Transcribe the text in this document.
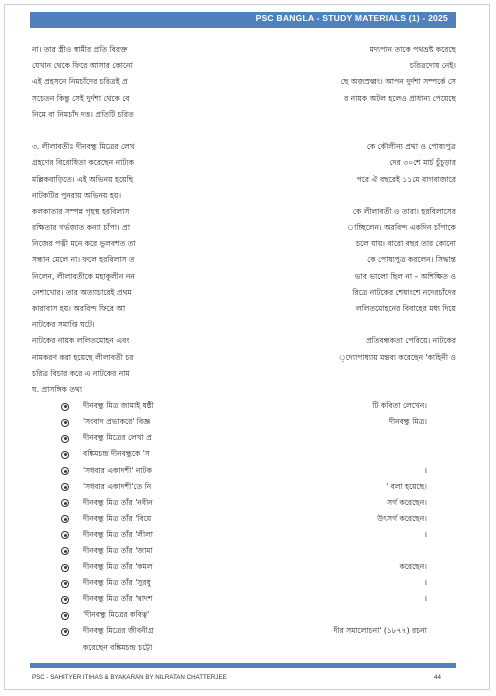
PSC BANGLA - STUDY MATERIALS (1) - 2025
না। তার স্ত্রীও স্বামীর প্রতি বিরক্ত	মদ্যপান তাকে পথভ্রষ্ট করেছে
যেখান থেকে ফিরে আসার কোনো	চরিত্রদোষ নেই।
এই প্রহসনে নিমচাঁদের চরিত্রই প্র	ছে অজস্রধ্বং। আপন দুর্দশা সম্পর্কে সে
সচেতন কিন্তু সেই দুর্দশা থেকে বে	র নায়ক অটল হলেও প্রাধান্য পেয়েছে
নিমে বা নিমচাঁদ দত্ত। প্রতিটি চরিত
৩. লীলাবতীঃ দীনবন্ধু মিত্রের লেখ	কে কৌলীন্য প্রথা ও পোষ্যপুত্র
গ্রহণের বিরোধিতা করেছেন নাট্যক	দের ৩০শে মার্চ চুঁচুড়ার
মল্লিকবাড়িতে। এই অভিনয় হয়েছি	পরে ঐ বছরেই ১১মে বাগবাজারে
নাটকটির পুনরায় অভিনয় হয়।
কলকাতার সম্পন্ন গৃহস্থ হরবিলাস	কে লীলাবতী ও তারা। হরবিলাসের
রক্ষিতার গর্ভজাত কন্যা চাঁপা। প্রা	াচ্ছিলেন। অরবিন্দ একদিন চাঁপাকে
নিজের পত্নী মনে করে ভুলবশত তা	চলে যায়। বারো বছর তার কোনো
সন্ধান মেলে না। ফলে হরবিলাস ত	কে পোষ্যপুত্র করলেন। সিদ্ধান্ত
নিলেন, লীলাবতীকে মহাকুলীন নন	ভাব ভালো ছিল না – অশিক্ষিত ও
নেশাখোর। তার অত্যাচারেই প্রথম	রিত্রে নাটকের শেষাংশে নদেরচাঁদের
কারাবাস হয়। অরবিন্দ ফিরে আ	ললিতমোহনের বিবাহের মধ্য দিয়ে
নাটকের সমাপ্তি ঘটে।
নাটকের নায়ক ললিতমোহন এবং	প্রতিবন্ধকতা পেরিয়ে। নাটকের
নামকরণ করা হয়েছে লীলাবতী চর	্দ্যোপাধ্যায় মন্তব্য করেছেন 'কাহিনী ও
চরিত্র বিচার করে এ নাটকের নাম
ঘ. প্রাসঙ্গিক তথ্য
দীনবন্ধু মিত্র জামাই ষষ্ঠী	টি কবিতা লেখেন।
'সংবাদ প্রভাকরে' বিজ্ঞ	দীনবন্ধু মিত্র।
দীনবন্ধু মিত্রের লেখা প্র
বঙ্কিমচন্দ্র দীনবন্ধুকে 'স
'সধবার একাদশী' নাটক	।
'সধবার একাদশী'তে নি	' বলা হয়েছে।
দীনবন্ধু মিত্র তাঁর 'নবীন	সর্গ করেছেন।
দীনবন্ধু মিত্র তাঁর 'বিয়ে	উৎসর্গ করেছেন।
দীনবন্ধু মিত্র তাঁর 'লীলা	।
দীনবন্ধু মিত্র তাঁর 'জামা
দীনবন্ধু মিত্র তাঁর 'কমল	করেছেন।
দীনবন্ধু মিত্র তাঁর 'সুরধু	।
দীনবন্ধু মিত্র তাঁর 'দ্বাদশ	।
'দীনবন্ধু মিত্রের কবিত্ব'
দীনবন্ধু মিত্রের জীবনীগ্র	দীর সমালোচনা' (১৮৭৭) রচনা
করেছেন বঙ্কিমচন্দ্র চট্টো
PSC - SAHITYER ITIHAS & BYAKARAN BY NILRATAN CHATTERJEE	44
